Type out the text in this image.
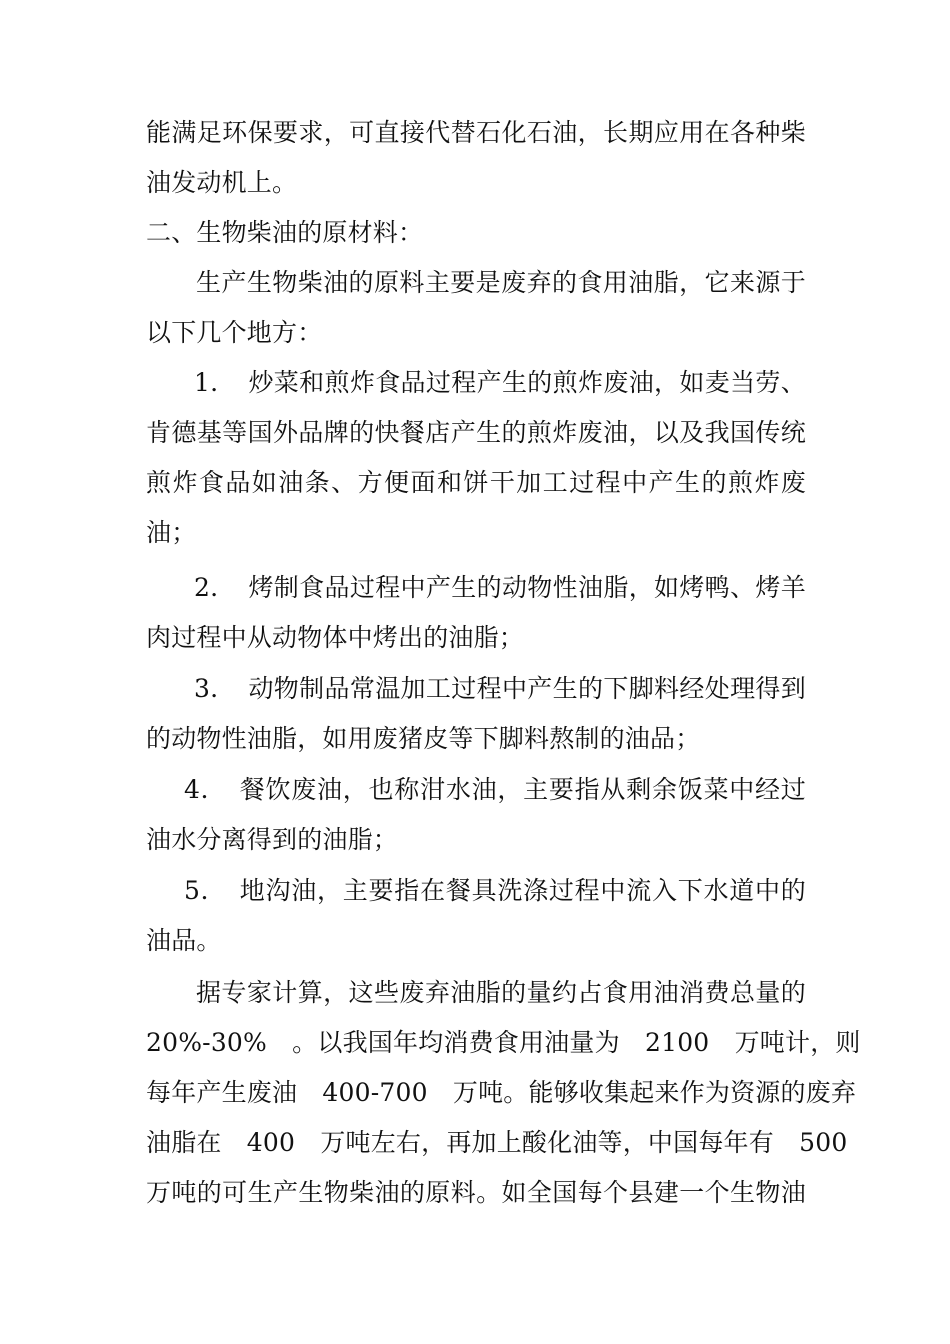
能满足环保要求，可直接代替石化石油，长期应用在各种柴
油发动机上。
二、生物柴油的原材料：
生产生物柴油的原料主要是废弃的食用油脂，它来源于
以下几个地方：
1．　炒菜和煎炸食品过程产生的煎炸废油，如麦当劳、
肯德基等国外品牌的快餐店产生的煎炸废油，以及我国传统
煎炸食品如油条、方便面和饼干加工过程中产生的煎炸废
油；
2．　烤制食品过程中产生的动物性油脂，如烤鸭、烤羊
肉过程中从动物体中烤出的油脂；
3．　动物制品常温加工过程中产生的下脚料经处理得到
的动物性油脂，如用废猪皮等下脚料熬制的油品；
4．　餐饮废油，也称泔水油，主要指从剩余饭菜中经过
油水分离得到的油脂；
5．　地沟油，主要指在餐具洗涤过程中流入下水道中的
油品。
据专家计算，这些废弃油脂的量约占食用油消费总量的
20%-30%　。以我国年均消费食用油量为　2100　万吨计，则
每年产生废油　400-700　万吨。能够收集起来作为资源的废弃
油脂在　400　万吨左右，再加上酸化油等，中国每年有　500
万吨的可生产生物柴油的原料。如全国每个县建一个生物油
